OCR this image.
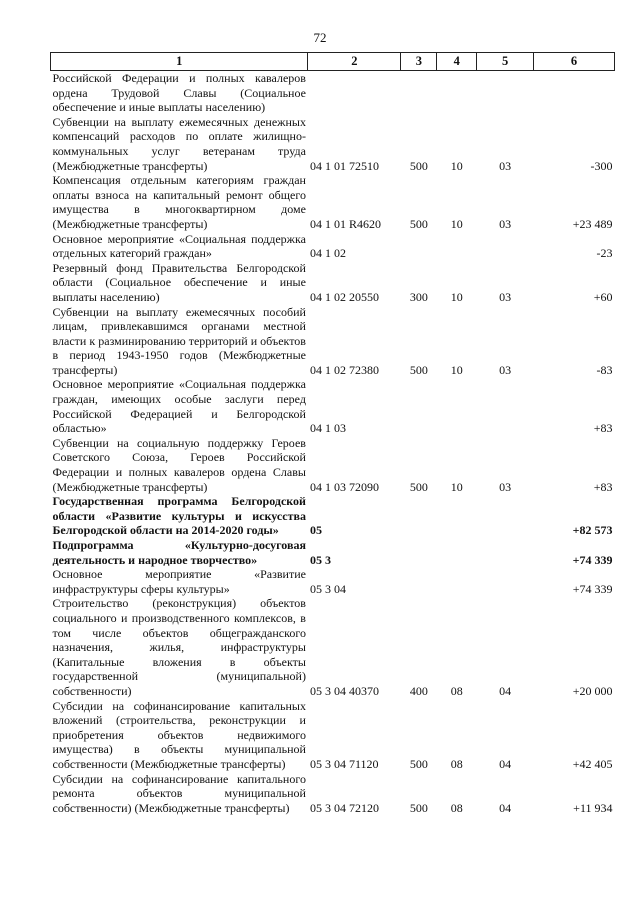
72
1	2	3	4	5	6
Российской Федерации и полных кавалеров ордена Трудовой Славы (Социальное обеспечение и иные выплаты населению)					
Субвенции на выплату ежемесячных денежных компенсаций расходов по оплате жилищно-коммунальных услуг ветеранам труда (Межбюджетные трансферты)	04 1 01 72510	500	10	03	-300
Компенсация отдельным категориям граждан оплаты взноса на капитальный ремонт общего имущества в многоквартирном доме (Межбюджетные трансферты)	04 1 01 R4620	500	10	03	+23 489
Основное мероприятие «Социальная поддержка отдельных категорий граждан»	04 1 02				-23
Резервный фонд Правительства Белгородской области (Социальное обеспечение и иные выплаты населению)	04 1 02 20550	300	10	03	+60
Субвенции на выплату ежемесячных пособий лицам, привлекавшимся органами местной власти к разминированию территорий и объектов в период 1943-1950 годов (Межбюджетные трансферты)	04 1 02 72380	500	10	03	-83
Основное мероприятие «Социальная поддержка граждан, имеющих особые заслуги перед Российской Федерацией и Белгородской областью»	04 1 03				+83
Субвенции на социальную поддержку Героев Советского Союза, Героев Российской Федерации и полных кавалеров ордена Славы (Межбюджетные трансферты)	04 1 03 72090	500	10	03	+83
Государственная программа Белгородской области «Развитие культуры и искусства Белгородской области на 2014-2020 годы»	05				+82 573
Подпрограмма «Культурно-досуговая деятельность и народное творчество»	05 3				+74 339
Основное мероприятие «Развитие инфраструктуры сферы культуры»	05 3 04				+74 339
Строительство (реконструкция) объектов социального и производственного комплексов, в том числе объектов общегражданского назначения, жилья, инфраструктуры (Капитальные вложения в объекты государственной (муниципальной) собственности)	05 3 04 40370	400	08	04	+20 000
Субсидии на софинансирование капитальных вложений (строительства, реконструкции и приобретения объектов недвижимого имущества) в объекты муниципальной собственности (Межбюджетные трансферты)	05 3 04 71120	500	08	04	+42 405
Субсидии на софинансирование капитального ремонта объектов муниципальной собственности) (Межбюджетные трансферты)	05 3 04 72120	500	08	04	+11 934
